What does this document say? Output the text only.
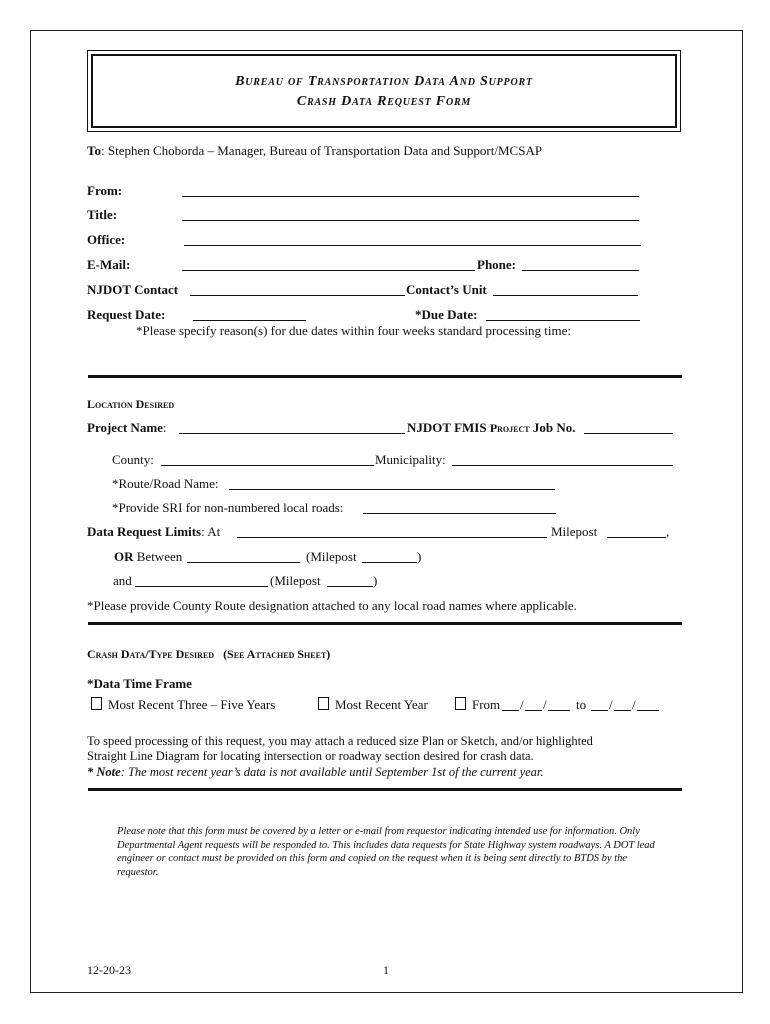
Bureau of Transportation Data And Support
Crash Data Request Form
To: Stephen Choborda – Manager, Bureau of Transportation Data and Support/MCSAP
From:
Title:
Office:
E-Mail:	Phone:
NJDOT Contact	Contact’s Unit
Request Date:	*Due Date:
*Please specify reason(s) for due dates within four weeks standard processing time:
Location Desired
Project Name:	NJDOT FMIS Project Job No.
County:	Municipality:
*Route/Road Name:
*Provide SRI for non-numbered local roads:
Data Request Limits: At	Milepost	,
OR Between	(Milepost	)
and	(Milepost	)
*Please provide County Route designation attached to any local road names where applicable.
Crash Data/Type Desired (See Attached Sheet)
*Data Time Frame
Most Recent Three – Five Years	Most Recent Year	From / / to / /
To speed processing of this request, you may attach a reduced size Plan or Sketch, and/or highlighted
Straight Line Diagram for locating intersection or roadway section desired for crash data.
* Note: The most recent year’s data is not available until September 1st of the current year.
Please note that this form must be covered by a letter or e-mail from requestor indicating intended use for information. Only Departmental Agent requests will be responded to. This includes data requests for State Highway system roadways. A DOT lead engineer or contact must be provided on this form and copied on the request when it is being sent directly to BTDS by the requestor.
12-20-23	1
